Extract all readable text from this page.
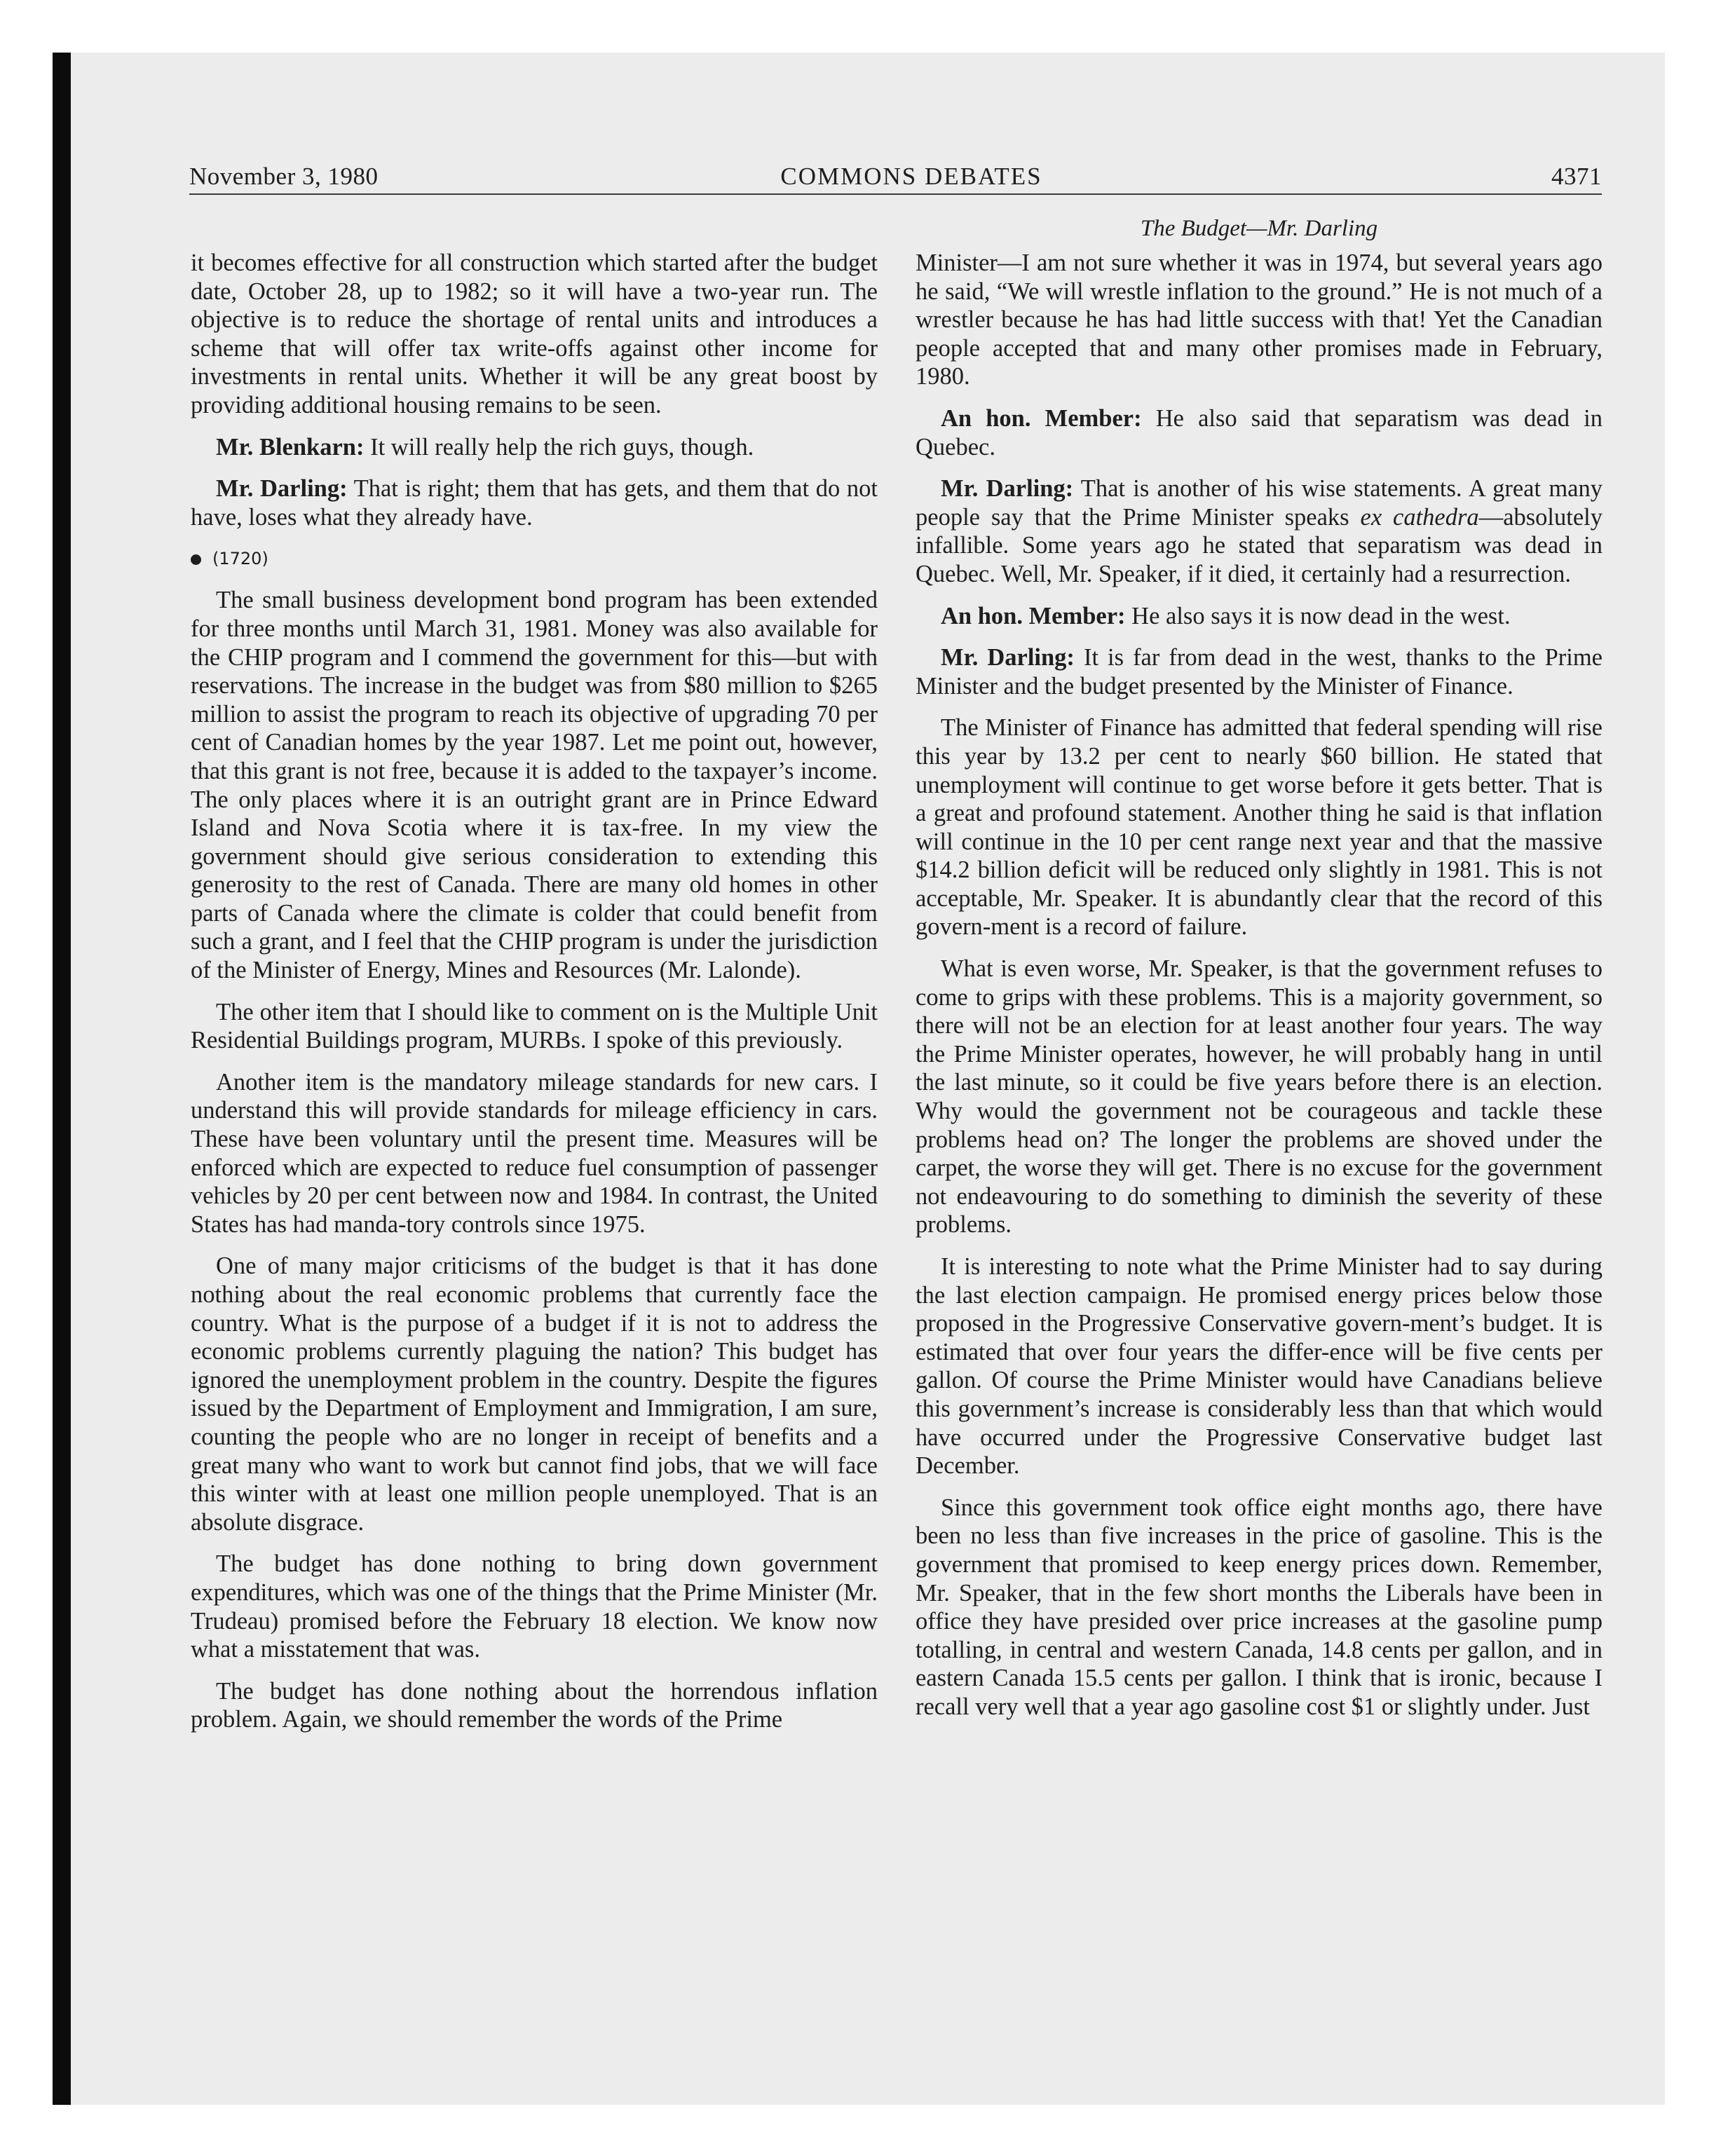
November 3, 1980	COMMONS DEBATES	4371
The Budget—Mr. Darling

it becomes effective for all construction which started after the budget date, October 28, up to 1982; so it will have a two-year run. The objective is to reduce the shortage of rental units and introduces a scheme that will offer tax write-offs against other income for investments in rental units. Whether it will be any great boost by providing additional housing remains to be seen.

Mr. Blenkarn: It will really help the rich guys, though.

Mr. Darling: That is right; them that has gets, and them that do not have, loses what they already have.

(1720)

The small business development bond program has been extended for three months until March 31, 1981. Money was also available for the CHIP program and I commend the government for this—but with reservations. The increase in the budget was from $80 million to $265 million to assist the program to reach its objective of upgrading 70 per cent of Canadian homes by the year 1987. Let me point out, however, that this grant is not free, because it is added to the taxpayer’s income. The only places where it is an outright grant are in Prince Edward Island and Nova Scotia where it is tax-free. In my view the government should give serious consideration to extending this generosity to the rest of Canada. There are many old homes in other parts of Canada where the climate is colder that could benefit from such a grant, and I feel that the CHIP program is under the jurisdiction of the Minister of Energy, Mines and Resources (Mr. Lalonde).

The other item that I should like to comment on is the Multiple Unit Residential Buildings program, MURBs. I spoke of this previously.

Another item is the mandatory mileage standards for new cars. I understand this will provide standards for mileage efficiency in cars. These have been voluntary until the present time. Measures will be enforced which are expected to reduce fuel consumption of passenger vehicles by 20 per cent between now and 1984. In contrast, the United States has had manda-tory controls since 1975.

One of many major criticisms of the budget is that it has done nothing about the real economic problems that currently face the country. What is the purpose of a budget if it is not to address the economic problems currently plaguing the nation? This budget has ignored the unemployment problem in the country. Despite the figures issued by the Department of Employment and Immigration, I am sure, counting the people who are no longer in receipt of benefits and a great many who want to work but cannot find jobs, that we will face this winter with at least one million people unemployed. That is an absolute disgrace.

The budget has done nothing to bring down government expenditures, which was one of the things that the Prime Minister (Mr. Trudeau) promised before the February 18 election. We know now what a misstatement that was.

The budget has done nothing about the horrendous inflation problem. Again, we should remember the words of the Prime

Minister—I am not sure whether it was in 1974, but several years ago he said, “We will wrestle inflation to the ground.” He is not much of a wrestler because he has had little success with that! Yet the Canadian people accepted that and many other promises made in February, 1980.

An hon. Member: He also said that separatism was dead in Quebec.

Mr. Darling: That is another of his wise statements. A great many people say that the Prime Minister speaks ex cathedra—absolutely infallible. Some years ago he stated that separatism was dead in Quebec. Well, Mr. Speaker, if it died, it certainly had a resurrection.

An hon. Member: He also says it is now dead in the west.

Mr. Darling: It is far from dead in the west, thanks to the Prime Minister and the budget presented by the Minister of Finance.

The Minister of Finance has admitted that federal spending will rise this year by 13.2 per cent to nearly $60 billion. He stated that unemployment will continue to get worse before it gets better. That is a great and profound statement. Another thing he said is that inflation will continue in the 10 per cent range next year and that the massive $14.2 billion deficit will be reduced only slightly in 1981. This is not acceptable, Mr. Speaker. It is abundantly clear that the record of this govern-ment is a record of failure.

What is even worse, Mr. Speaker, is that the government refuses to come to grips with these problems. This is a majority government, so there will not be an election for at least another four years. The way the Prime Minister operates, however, he will probably hang in until the last minute, so it could be five years before there is an election. Why would the government not be courageous and tackle these problems head on? The longer the problems are shoved under the carpet, the worse they will get. There is no excuse for the government not endeavouring to do something to diminish the severity of these problems.

It is interesting to note what the Prime Minister had to say during the last election campaign. He promised energy prices below those proposed in the Progressive Conservative govern-ment’s budget. It is estimated that over four years the differ-ence will be five cents per gallon. Of course the Prime Minister would have Canadians believe this government’s increase is considerably less than that which would have occurred under the Progressive Conservative budget last December.

Since this government took office eight months ago, there have been no less than five increases in the price of gasoline. This is the government that promised to keep energy prices down. Remember, Mr. Speaker, that in the few short months the Liberals have been in office they have presided over price increases at the gasoline pump totalling, in central and western Canada, 14.8 cents per gallon, and in eastern Canada 15.5 cents per gallon. I think that is ironic, because I recall very well that a year ago gasoline cost $1 or slightly under. Just
